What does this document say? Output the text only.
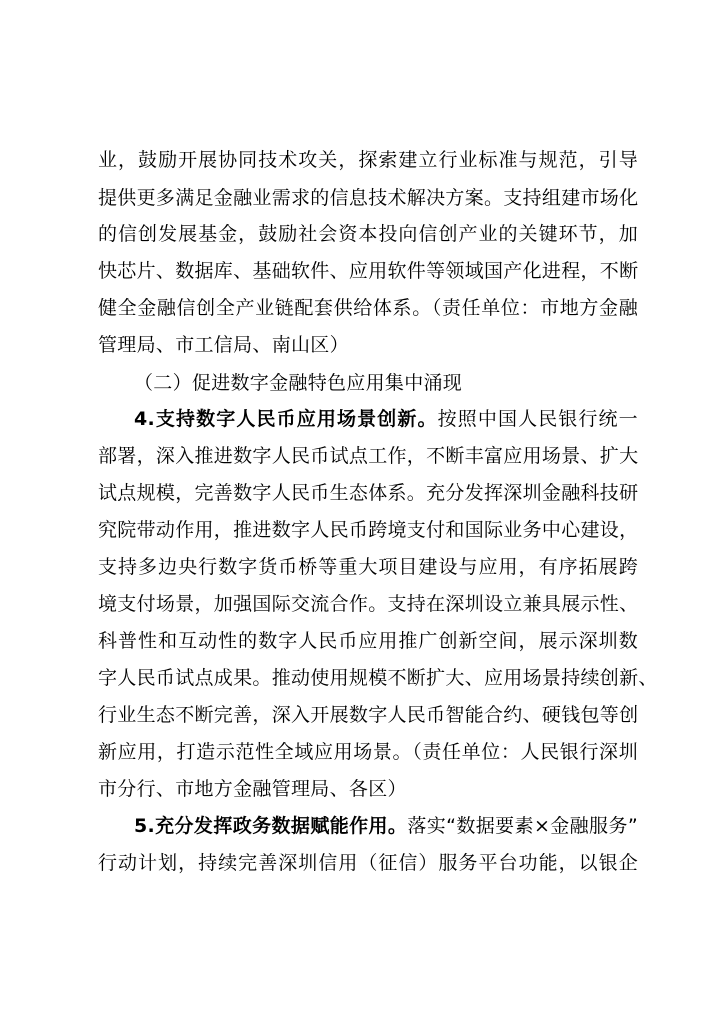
业，鼓励开展协同技术攻关，探索建立行业标准与规范，引导
提供更多满足金融业需求的信息技术解决方案。支持组建市场化
的信创发展基金，鼓励社会资本投向信创产业的关键环节，加
快芯片、数据库、基础软件、应用软件等领域国产化进程，不断
健全金融信创全产业链配套供给体系。（责任单位：市地方金融
管理局、市工信局、南山区）
（二）促进数字金融特色应用集中涌现
4.支持数字人民币应用场景创新。按照中国人民银行统一
部署，深入推进数字人民币试点工作，不断丰富应用场景、扩大
试点规模，完善数字人民币生态体系。充分发挥深圳金融科技研
究院带动作用，推进数字人民币跨境支付和国际业务中心建设，
支持多边央行数字货币桥等重大项目建设与应用，有序拓展跨
境支付场景，加强国际交流合作。支持在深圳设立兼具展示性、
科普性和互动性的数字人民币应用推广创新空间，展示深圳数
字人民币试点成果。推动使用规模不断扩大、应用场景持续创新、
行业生态不断完善，深入开展数字人民币智能合约、硬钱包等创
新应用，打造示范性全域应用场景。（责任单位：人民银行深圳
市分行、市地方金融管理局、各区）
5.充分发挥政务数据赋能作用。落实“数据要素×金融服务”
行动计划，持续完善深圳信用（征信）服务平台功能，以银企
